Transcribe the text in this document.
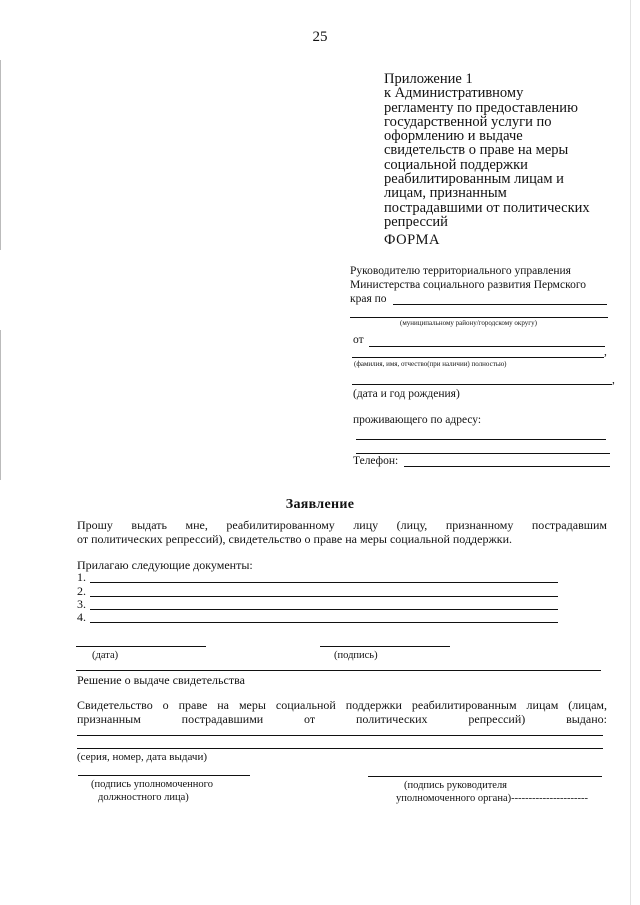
25
Приложение 1
к Административному
регламенту по предоставлению
государственной услуги по
оформлению и выдаче
свидетельств о праве на меры
социальной поддержки
реабилитированным лицам и
лицам, признанным
пострадавшими от политических
репрессий
ФОРМА
Руководителю территориального управления
Министерства социального развития Пермского
края по
(муниципальному району/городскому округу)
от
,
(фамилия, имя, отчество(при наличии) полностью)
,
(дата и год рождения)
проживающего по адресу:
Телефон:
Заявление
Прошу выдать мне, реабилитированному лицу (лицу, признанному пострадавшим
от политических репрессий), свидетельство о праве на меры социальной поддержки.
Прилагаю следующие документы:
1.
2.
3.
4.
(дата)	(подпись)
Решение о выдаче свидетельства
Свидетельство о праве на меры социальной поддержки реабилитированным лицам (лицам,
признанным пострадавшими от политических репрессий) выдано:
(серия, номер, дата выдачи)
(подпись уполномоченного
должностного лица)
(подпись руководителя
уполномоченного органа)----------------------
